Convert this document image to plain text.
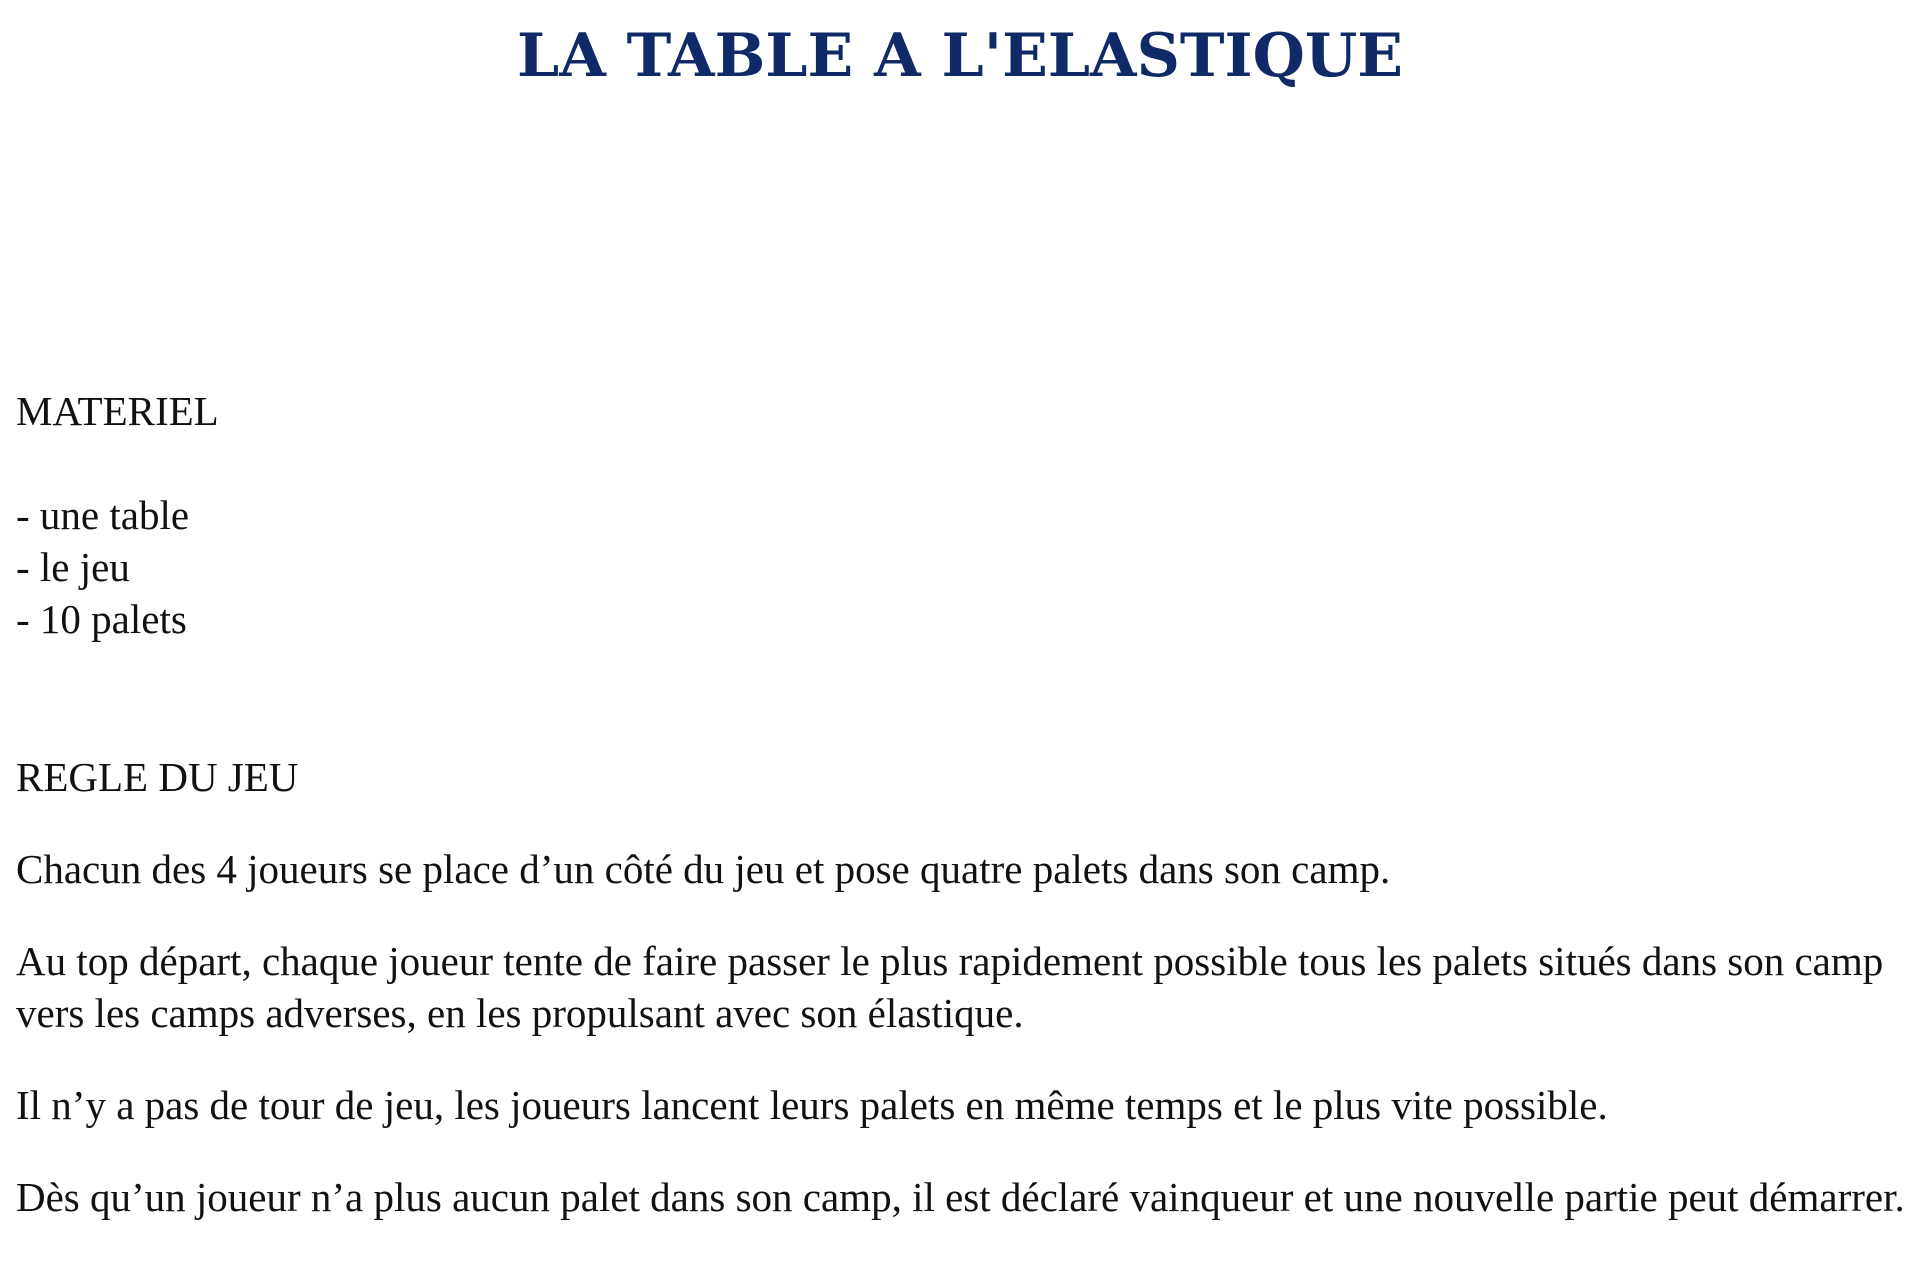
LA TABLE A L'ELASTIQUE
MATERIEL
- une table
- le jeu
- 10 palets
REGLE DU JEU

Chacun des 4 joueurs se place d’un côté du jeu et pose quatre palets dans son camp.

Au top départ, chaque joueur tente de faire passer le plus rapidement possible tous les palets situés dans son camp vers les camps adverses, en les propulsant avec son élastique.

Il n’y a pas de tour de jeu, les joueurs lancent leurs palets en même temps et le plus vite possible.

Dès qu’un joueur n’a plus aucun palet dans son camp, il est déclaré vainqueur et une nouvelle partie peut démarrer.
